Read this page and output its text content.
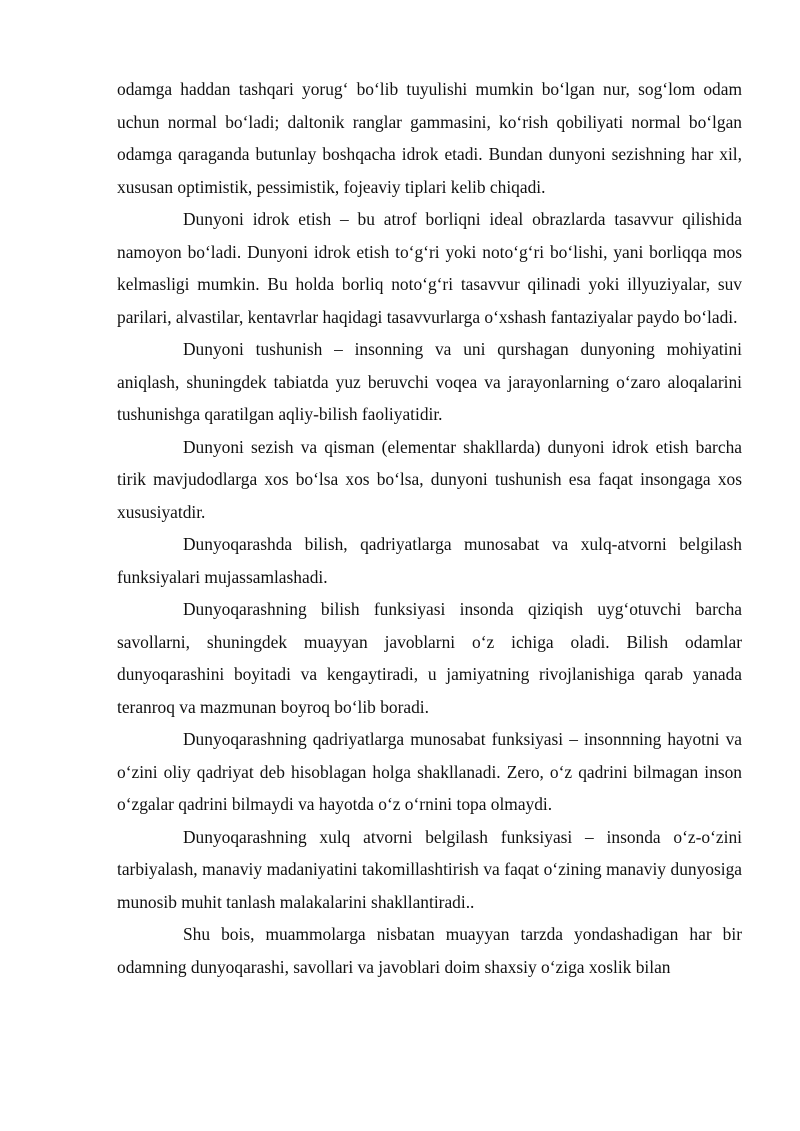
odamga haddan tashqari yorug‘ bo‘lib tuyulishi mumkin bo‘lgan nur, sog‘lom odam uchun normal bo‘ladi; daltonik ranglar gammasini, ko‘rish qobiliyati normal bo‘lgan odamga qaraganda butunlay boshqacha idrok etadi. Bundan dunyoni sezishning har xil, xususan optimistik, pessimistik, fojeaviy tiplari kelib chiqadi.

Dunyoni idrok etish – bu atrof borliqni ideal obrazlarda tasavvur qilishida namoyon bo‘ladi. Dunyoni idrok etish to‘g‘ri yoki noto‘g‘ri bo‘lishi, yani borliqqa mos kelmasligi mumkin. Bu holda borliq noto‘g‘ri tasavvur qilinadi yoki illyuziyalar, suv parilari, alvastilar, kentavrlar haqidagi tasavvurlarga o‘xshash fantaziyalar paydo bo‘ladi.

Dunyoni tushunish – insonning va uni qurshagan dunyoning mohiyatini aniqlash, shuningdek tabiatda yuz beruvchi voqea va jarayonlarning o‘zaro aloqalarini tushunishga qaratilgan aqliy-bilish faoliyatidir.

Dunyoni sezish va qisman (elementar shakllarda) dunyoni idrok etish barcha tirik mavjudodlarga xos bo‘lsa xos bo‘lsa, dunyoni tushunish esa faqat insongaga xos xususiyatdir.

Dunyoqarashda bilish, qadriyatlarga munosabat va xulq-atvorni belgilash funksiyalari mujassamlashadi.

Dunyoqarashning bilish funksiyasi insonda qiziqish uyg‘otuvchi barcha savollarni, shuningdek muayyan javoblarni o‘z ichiga oladi. Bilish odamlar dunyoqarashini boyitadi va kengaytiradi, u jamiyatning rivojlanishiga qarab yanada teranroq va mazmunan boyroq bo‘lib boradi.

Dunyoqarashning qadriyatlarga munosabat funksiyasi – insonnning hayotni va o‘zini oliy qadriyat deb hisoblagan holga shakllanadi. Zero, o‘z qadrini bilmagan inson o‘zgalar qadrini bilmaydi va hayotda o‘z o‘rnini topa olmaydi.

Dunyoqarashning xulq atvorni belgilash funksiyasi – insonda o‘z-o‘zini tarbiyalash, manaviy madaniyatini takomillashtirish va faqat o‘zining manaviy dunyosiga munosib muhit tanlash malakalarini shakllantiradi..

Shu bois, muammolarga nisbatan muayyan tarzda yondashadigan har bir odamning dunyoqarashi, savollari va javoblari doim shaxsiy o‘ziga xoslik bilan
